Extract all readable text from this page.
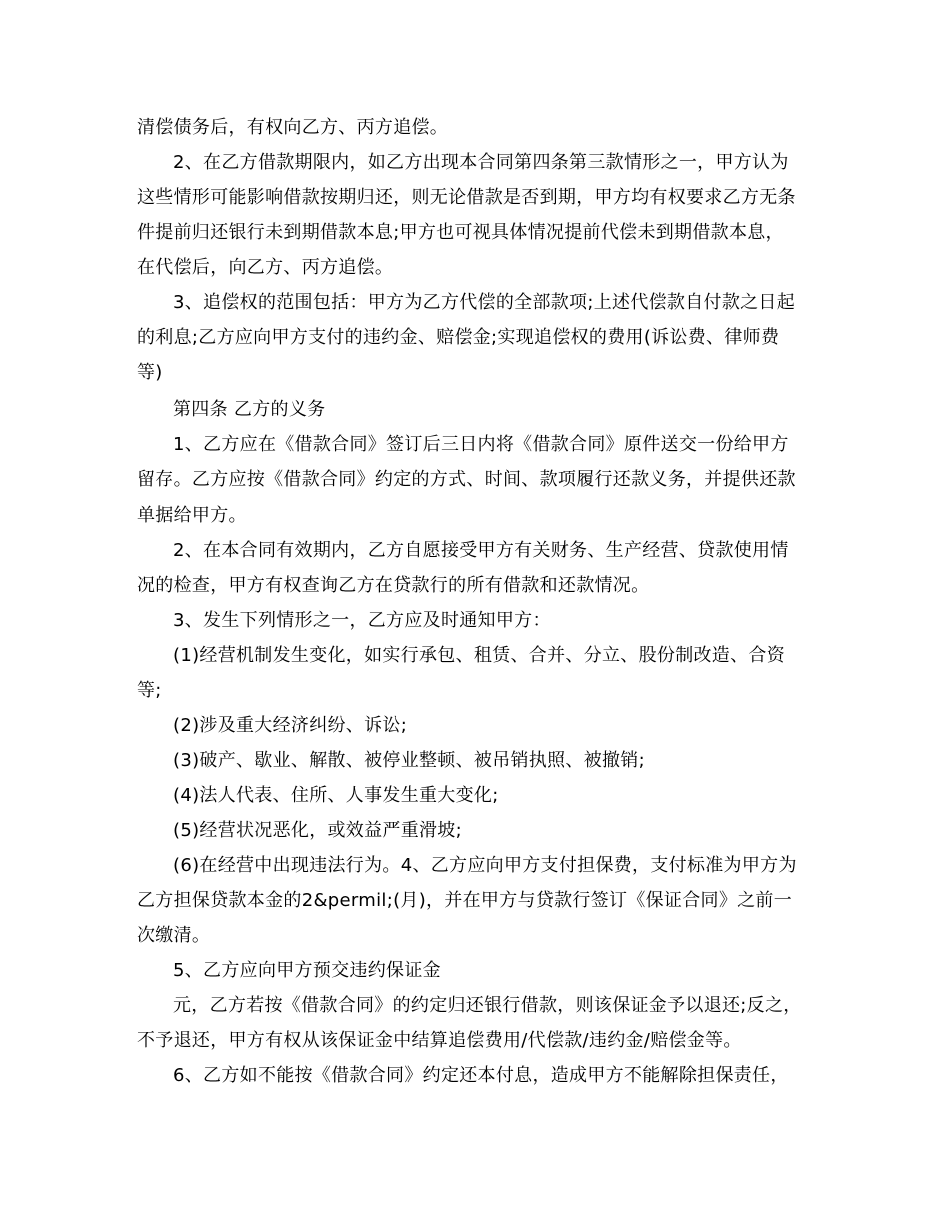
清偿债务后，有权向乙方、丙方追偿。
2、在乙方借款期限内，如乙方出现本合同第四条第三款情形之一，甲方认为
这些情形可能影响借款按期归还，则无论借款是否到期，甲方均有权要求乙方无条
件提前归还银行未到期借款本息;甲方也可视具体情况提前代偿未到期借款本息，
在代偿后，向乙方、丙方追偿。
3、追偿权的范围包括：甲方为乙方代偿的全部款项;上述代偿款自付款之日起
的利息;乙方应向甲方支付的违约金、赔偿金;实现追偿权的费用(诉讼费、律师费
等)
第四条 乙方的义务
1、乙方应在《借款合同》签订后三日内将《借款合同》原件送交一份给甲方
留存。乙方应按《借款合同》约定的方式、时间、款项履行还款义务，并提供还款
单据给甲方。
2、在本合同有效期内，乙方自愿接受甲方有关财务、生产经营、贷款使用情
况的检查，甲方有权查询乙方在贷款行的所有借款和还款情况。
3、发生下列情形之一，乙方应及时通知甲方：
(1)经营机制发生变化，如实行承包、租赁、合并、分立、股份制改造、合资
等;
(2)涉及重大经济纠纷、诉讼;
(3)破产、歇业、解散、被停业整顿、被吊销执照、被撤销;
(4)法人代表、住所、人事发生重大变化;
(5)经营状况恶化，或效益严重滑坡;
(6)在经营中出现违法行为。4、乙方应向甲方支付担保费，支付标准为甲方为
乙方担保贷款本金的2&permil;(月)，并在甲方与贷款行签订《保证合同》之前一
次缴清。
5、乙方应向甲方预交违约保证金
元，乙方若按《借款合同》的约定归还银行借款，则该保证金予以退还;反之，
不予退还，甲方有权从该保证金中结算追偿费用/代偿款/违约金/赔偿金等。
6、乙方如不能按《借款合同》约定还本付息，造成甲方不能解除担保责任，
